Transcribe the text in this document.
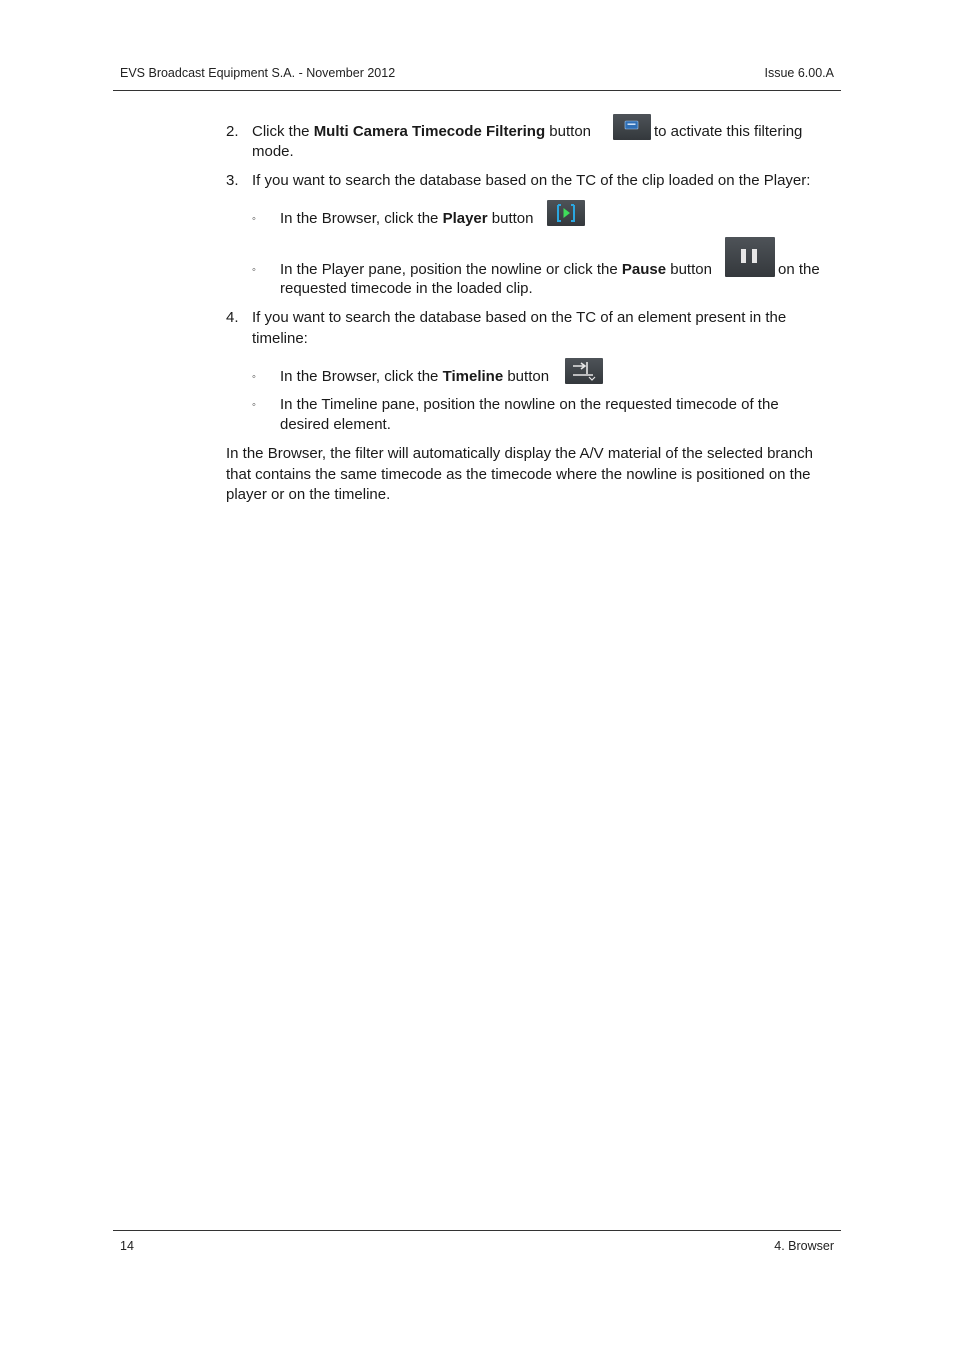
EVS Broadcast Equipment S.A. - November 2012	Issue 6.00.A
2. Click the Multi Camera Timecode Filtering button	to activate this filtering
mode.
3. If you want to search the database based on the TC of the clip loaded on the Player:
◦ In the Browser, click the Player button
◦ In the Player pane, position the nowline or click the Pause button	on the
requested timecode in the loaded clip.
4. If you want to search the database based on the TC of an element present in the
timeline:
◦ In the Browser, click the Timeline button
◦ In the Timeline pane, position the nowline on the requested timecode of the
desired element.
In the Browser, the filter will automatically display the A/V material of the selected branch
that contains the same timecode as the timecode where the nowline is positioned on the
player or on the timeline.
14	4. Browser
